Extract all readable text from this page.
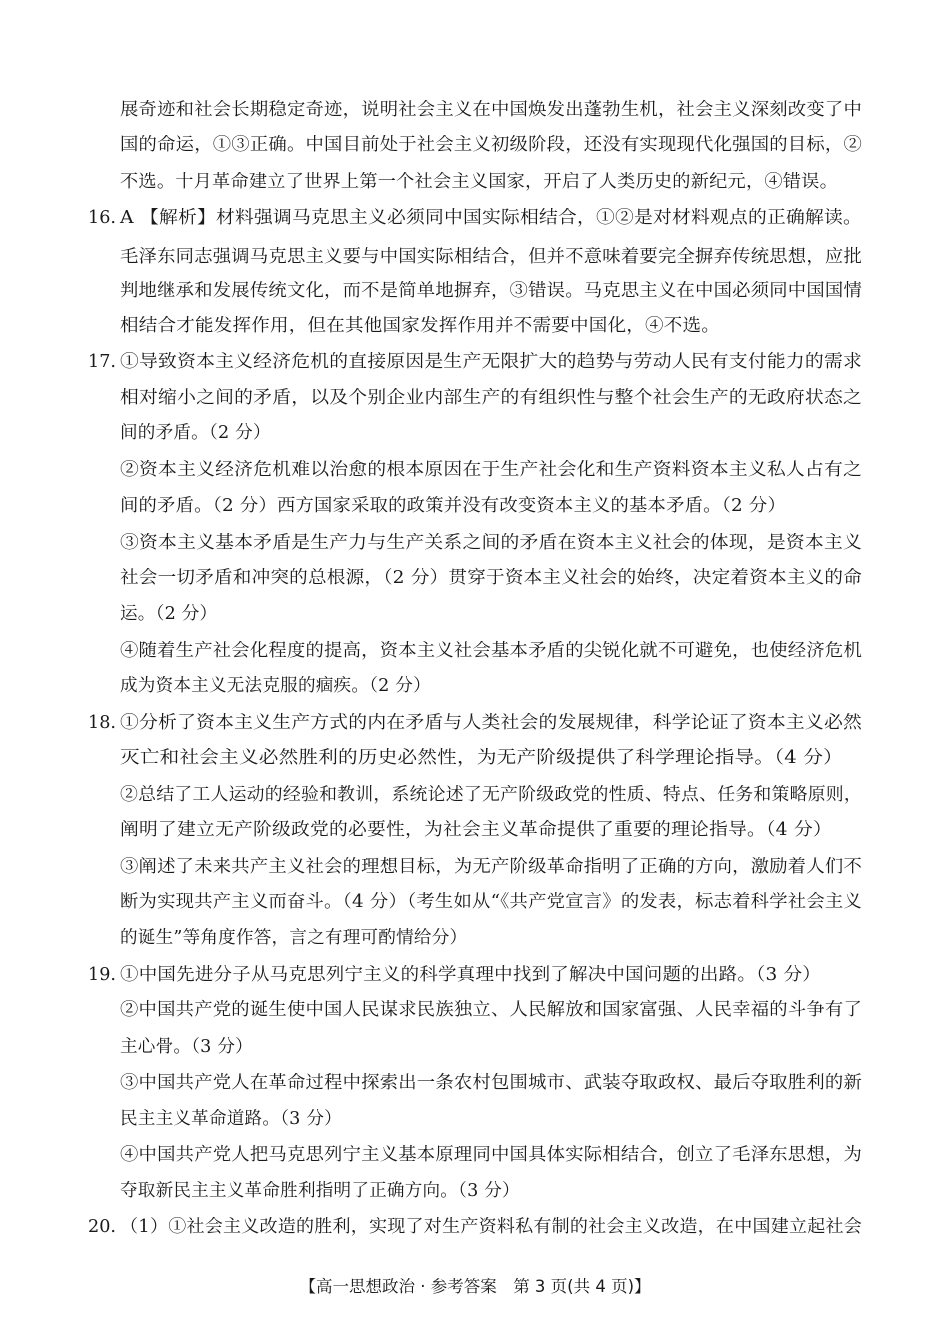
展奇迹和社会长期稳定奇迹，说明社会主义在中国焕发出蓬勃生机，社会主义深刻改变了中
国的命运，①③正确。中国目前处于社会主义初级阶段，还没有实现现代化强国的目标，②
不选。十月革命建立了世界上第一个社会主义国家，开启了人类历史的新纪元，④错误。
A 【解析】材料强调马克思主义必须同中国实际相结合，①②是对材料观点的正确解读。
毛泽东同志强调马克思主义要与中国实际相结合，但并不意味着要完全摒弃传统思想，应批
判地继承和发展传统文化，而不是简单地摒弃，③错误。马克思主义在中国必须同中国国情
相结合才能发挥作用，但在其他国家发挥作用并不需要中国化，④不选。
①导致资本主义经济危机的直接原因是生产无限扩大的趋势与劳动人民有支付能力的需求
相对缩小之间的矛盾，以及个别企业内部生产的有组织性与整个社会生产的无政府状态之
间的矛盾。（2 分）
②资本主义经济危机难以治愈的根本原因在于生产社会化和生产资料资本主义私人占有之
间的矛盾。（2 分）西方国家采取的政策并没有改变资本主义的基本矛盾。（2 分）
③资本主义基本矛盾是生产力与生产关系之间的矛盾在资本主义社会的体现，是资本主义
社会一切矛盾和冲突的总根源，（2 分）贯穿于资本主义社会的始终，决定着资本主义的命
运。（2 分）
④随着生产社会化程度的提高，资本主义社会基本矛盾的尖锐化就不可避免，也使经济危机
成为资本主义无法克服的痼疾。（2 分）
①分析了资本主义生产方式的内在矛盾与人类社会的发展规律，科学论证了资本主义必然
灭亡和社会主义必然胜利的历史必然性，为无产阶级提供了科学理论指导。（4 分）
②总结了工人运动的经验和教训，系统论述了无产阶级政党的性质、特点、任务和策略原则，
阐明了建立无产阶级政党的必要性，为社会主义革命提供了重要的理论指导。（4 分）
③阐述了未来共产主义社会的理想目标，为无产阶级革命指明了正确的方向，激励着人们不
断为实现共产主义而奋斗。（4 分）（考生如从“《共产党宣言》的发表，标志着科学社会主义
的诞生”等角度作答，言之有理可酌情给分）
①中国先进分子从马克思列宁主义的科学真理中找到了解决中国问题的出路。（3 分）
②中国共产党的诞生使中国人民谋求民族独立、人民解放和国家富强、人民幸福的斗争有了
主心骨。（3 分）
③中国共产党人在革命过程中探索出一条农村包围城市、武装夺取政权、最后夺取胜利的新
民主主义革命道路。（3 分）
④中国共产党人把马克思列宁主义基本原理同中国具体实际相结合，创立了毛泽东思想，为
夺取新民主主义革命胜利指明了正确方向。（3 分）
（1）①社会主义改造的胜利，实现了对生产资料私有制的社会主义改造，在中国建立起社会
16.
17.
18.
19.
20.
【高一思想政治 · 参考答案　第 3 页(共 4 页)】
